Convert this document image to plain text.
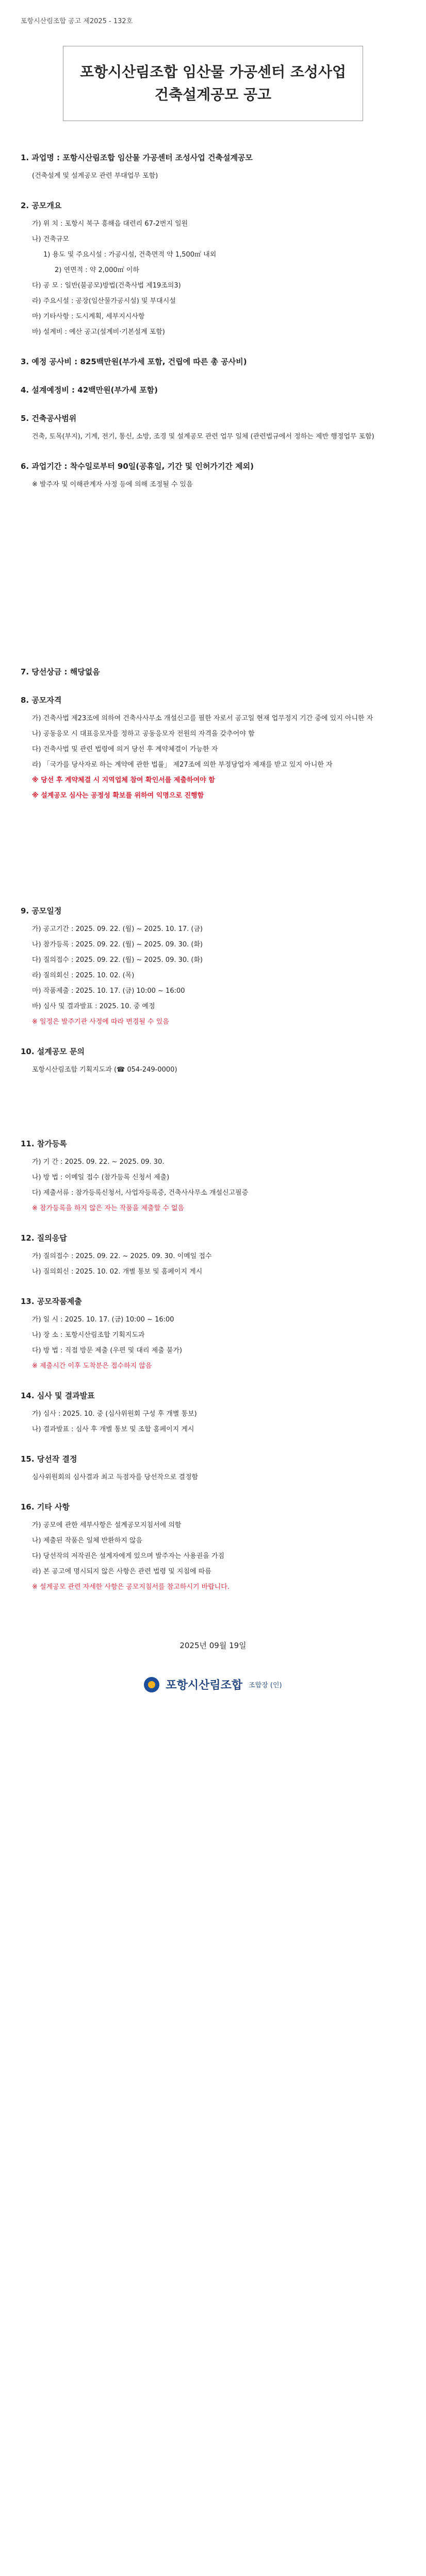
포항시산림조합 공고 제2025 - 132호
포항시산림조합 임산물 가공센터 조성사업
건축설계공모 공고
1. 과업명 : 포항시산림조합 임산물 가공센터 조성사업 건축설계공모
(건축설계 및 설계공모 관련 부대업무 포함)
2. 공모개요
가) 위 치 : 포항시 북구 흥해읍 대련리 67-2번지 일원
나) 건축규모
1) 용도 및 주요시설 : 가공시설, 건축면적 약 1,500㎡ 내외
2) 연면적 : 약 2,000㎡ 이하
다) 공 모 : 일반(불공모)방법(건축사법 제19조의3)
라) 주요시설 : 공장(임산물가공시설) 및 부대시설
마) 기타사항 : 도시계획, 세부지시사항
바) 설계비 : 예산 공고(설계비·기본설계 포함)
3. 예정 공사비 : 825백만원(부가세 포함, 건립에 따른 총 공사비)
4. 설계예정비 : 42백만원(부가세 포함)
5. 건축공사범위
건축, 토목(부지), 기계, 전기, 통신, 소방, 조경 및 설계공모 관련 업무 일체 (관련법규에서 정하는 제반 행정업무 포함)
6. 과업기간 : 착수일로부터 90일(공휴일, 기간 및 인허가기간 제외)
※ 발주자 및 이해관계자 사정 등에 의해 조정될 수 있음
7. 당선상금 : 해당없음
8. 공모자격
가) 건축사법 제23조에 의하여 건축사사무소 개설신고를 필한 자로서 공고일 현재 업무정지 기간 중에 있지 아니한 자
나) 공동응모 시 대표응모자를 정하고 공동응모자 전원의 자격을 갖추어야 함
다) 건축사법 및 관련 법령에 의거 당선 후 계약체결이 가능한 자
라) 「국가를 당사자로 하는 계약에 관한 법률」 제27조에 의한 부정당업자 제재를 받고 있지 아니한 자
※ 당선 후 계약체결 시 지역업체 참여 확인서를 제출하여야 함
※ 설계공모 심사는 공정성 확보를 위하여 익명으로 진행함
9. 공모일정
가) 공고기간 : 2025. 09. 22. (월) ~ 2025. 10. 17. (금)
나) 참가등록 : 2025. 09. 22. (월) ~ 2025. 09. 30. (화)
다) 질의접수 : 2025. 09. 22. (월) ~ 2025. 09. 30. (화)
라) 질의회신 : 2025. 10. 02. (목)
마) 작품제출 : 2025. 10. 17. (금) 10:00 ~ 16:00
바) 심사 및 결과발표 : 2025. 10. 중 예정
※ 일정은 발주기관 사정에 따라 변경될 수 있음
10. 설계공모 문의
포항시산림조합 기획지도과 (☎ 054-249-0000)
11. 참가등록
가) 기 간 : 2025. 09. 22. ~ 2025. 09. 30.
나) 방 법 : 이메일 접수 (참가등록 신청서 제출)
다) 제출서류 : 참가등록신청서, 사업자등록증, 건축사사무소 개설신고필증
※ 참가등록을 하지 않은 자는 작품을 제출할 수 없음
12. 질의응답
가) 질의접수 : 2025. 09. 22. ~ 2025. 09. 30. 이메일 접수
나) 질의회신 : 2025. 10. 02. 개별 통보 및 홈페이지 게시
13. 공모작품제출
가) 일 시 : 2025. 10. 17. (금) 10:00 ~ 16:00
나) 장 소 : 포항시산림조합 기획지도과
다) 방 법 : 직접 방문 제출 (우편 및 대리 제출 불가)
※ 제출시간 이후 도착분은 접수하지 않음
14. 심사 및 결과발표
가) 심사 : 2025. 10. 중 (심사위원회 구성 후 개별 통보)
나) 결과발표 : 심사 후 개별 통보 및 조합 홈페이지 게시
15. 당선작 결정
심사위원회의 심사결과 최고 득점자를 당선작으로 결정함
16. 기타 사항
가) 공모에 관한 세부사항은 설계공모지침서에 의함
나) 제출된 작품은 일체 반환하지 않음
다) 당선작의 저작권은 설계자에게 있으며 발주자는 사용권을 가짐
라) 본 공고에 명시되지 않은 사항은 관련 법령 및 지침에 따름
※ 설계공모 관련 자세한 사항은 공모지침서를 참고하시기 바랍니다.
2025년 09월 19일
포항시산림조합 조합장 (인)
